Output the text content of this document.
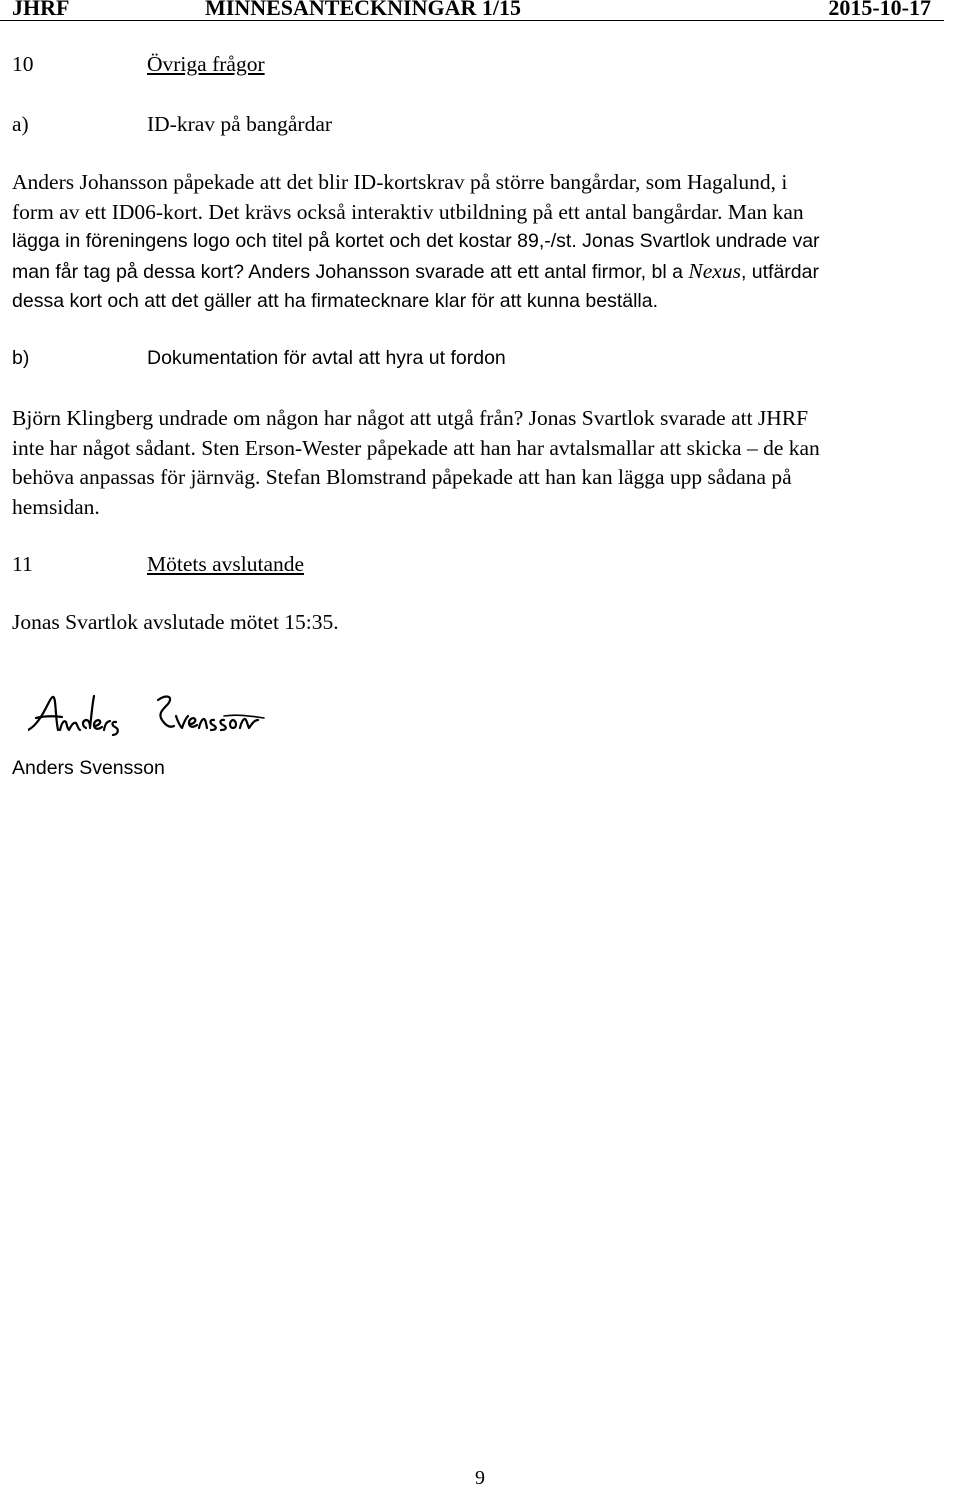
JHRF	MINNESANTECKNINGAR 1/15	2015-10-17
10	Övriga frågor
a)	ID-krav på bangårdar
Anders Johansson påpekade att det blir ID-kortskrav på större bangårdar, som Hagalund, i
form av ett ID06-kort. Det krävs också interaktiv utbildning på ett antal bangårdar. Man kan
lägga in föreningens logo och titel på kortet och det kostar 89,-/st. Jonas Svartlok undrade var
man får tag på dessa kort? Anders Johansson svarade att ett antal firmor, bl a Nexus, utfärdar
dessa kort och att det gäller att ha firmatecknare klar för att kunna beställa.
b)	Dokumentation för avtal att hyra ut fordon
Björn Klingberg undrade om någon har något att utgå från? Jonas Svartlok svarade att JHRF
inte har något sådant. Sten Erson-Wester påpekade att han har avtalsmallar att skicka – de kan
behöva anpassas för järnväg. Stefan Blomstrand påpekade att han kan lägga upp sådana på
hemsidan.
11	Mötets avslutande
Jonas Svartlok avslutade mötet 15:35.
Anders Svensson
9
